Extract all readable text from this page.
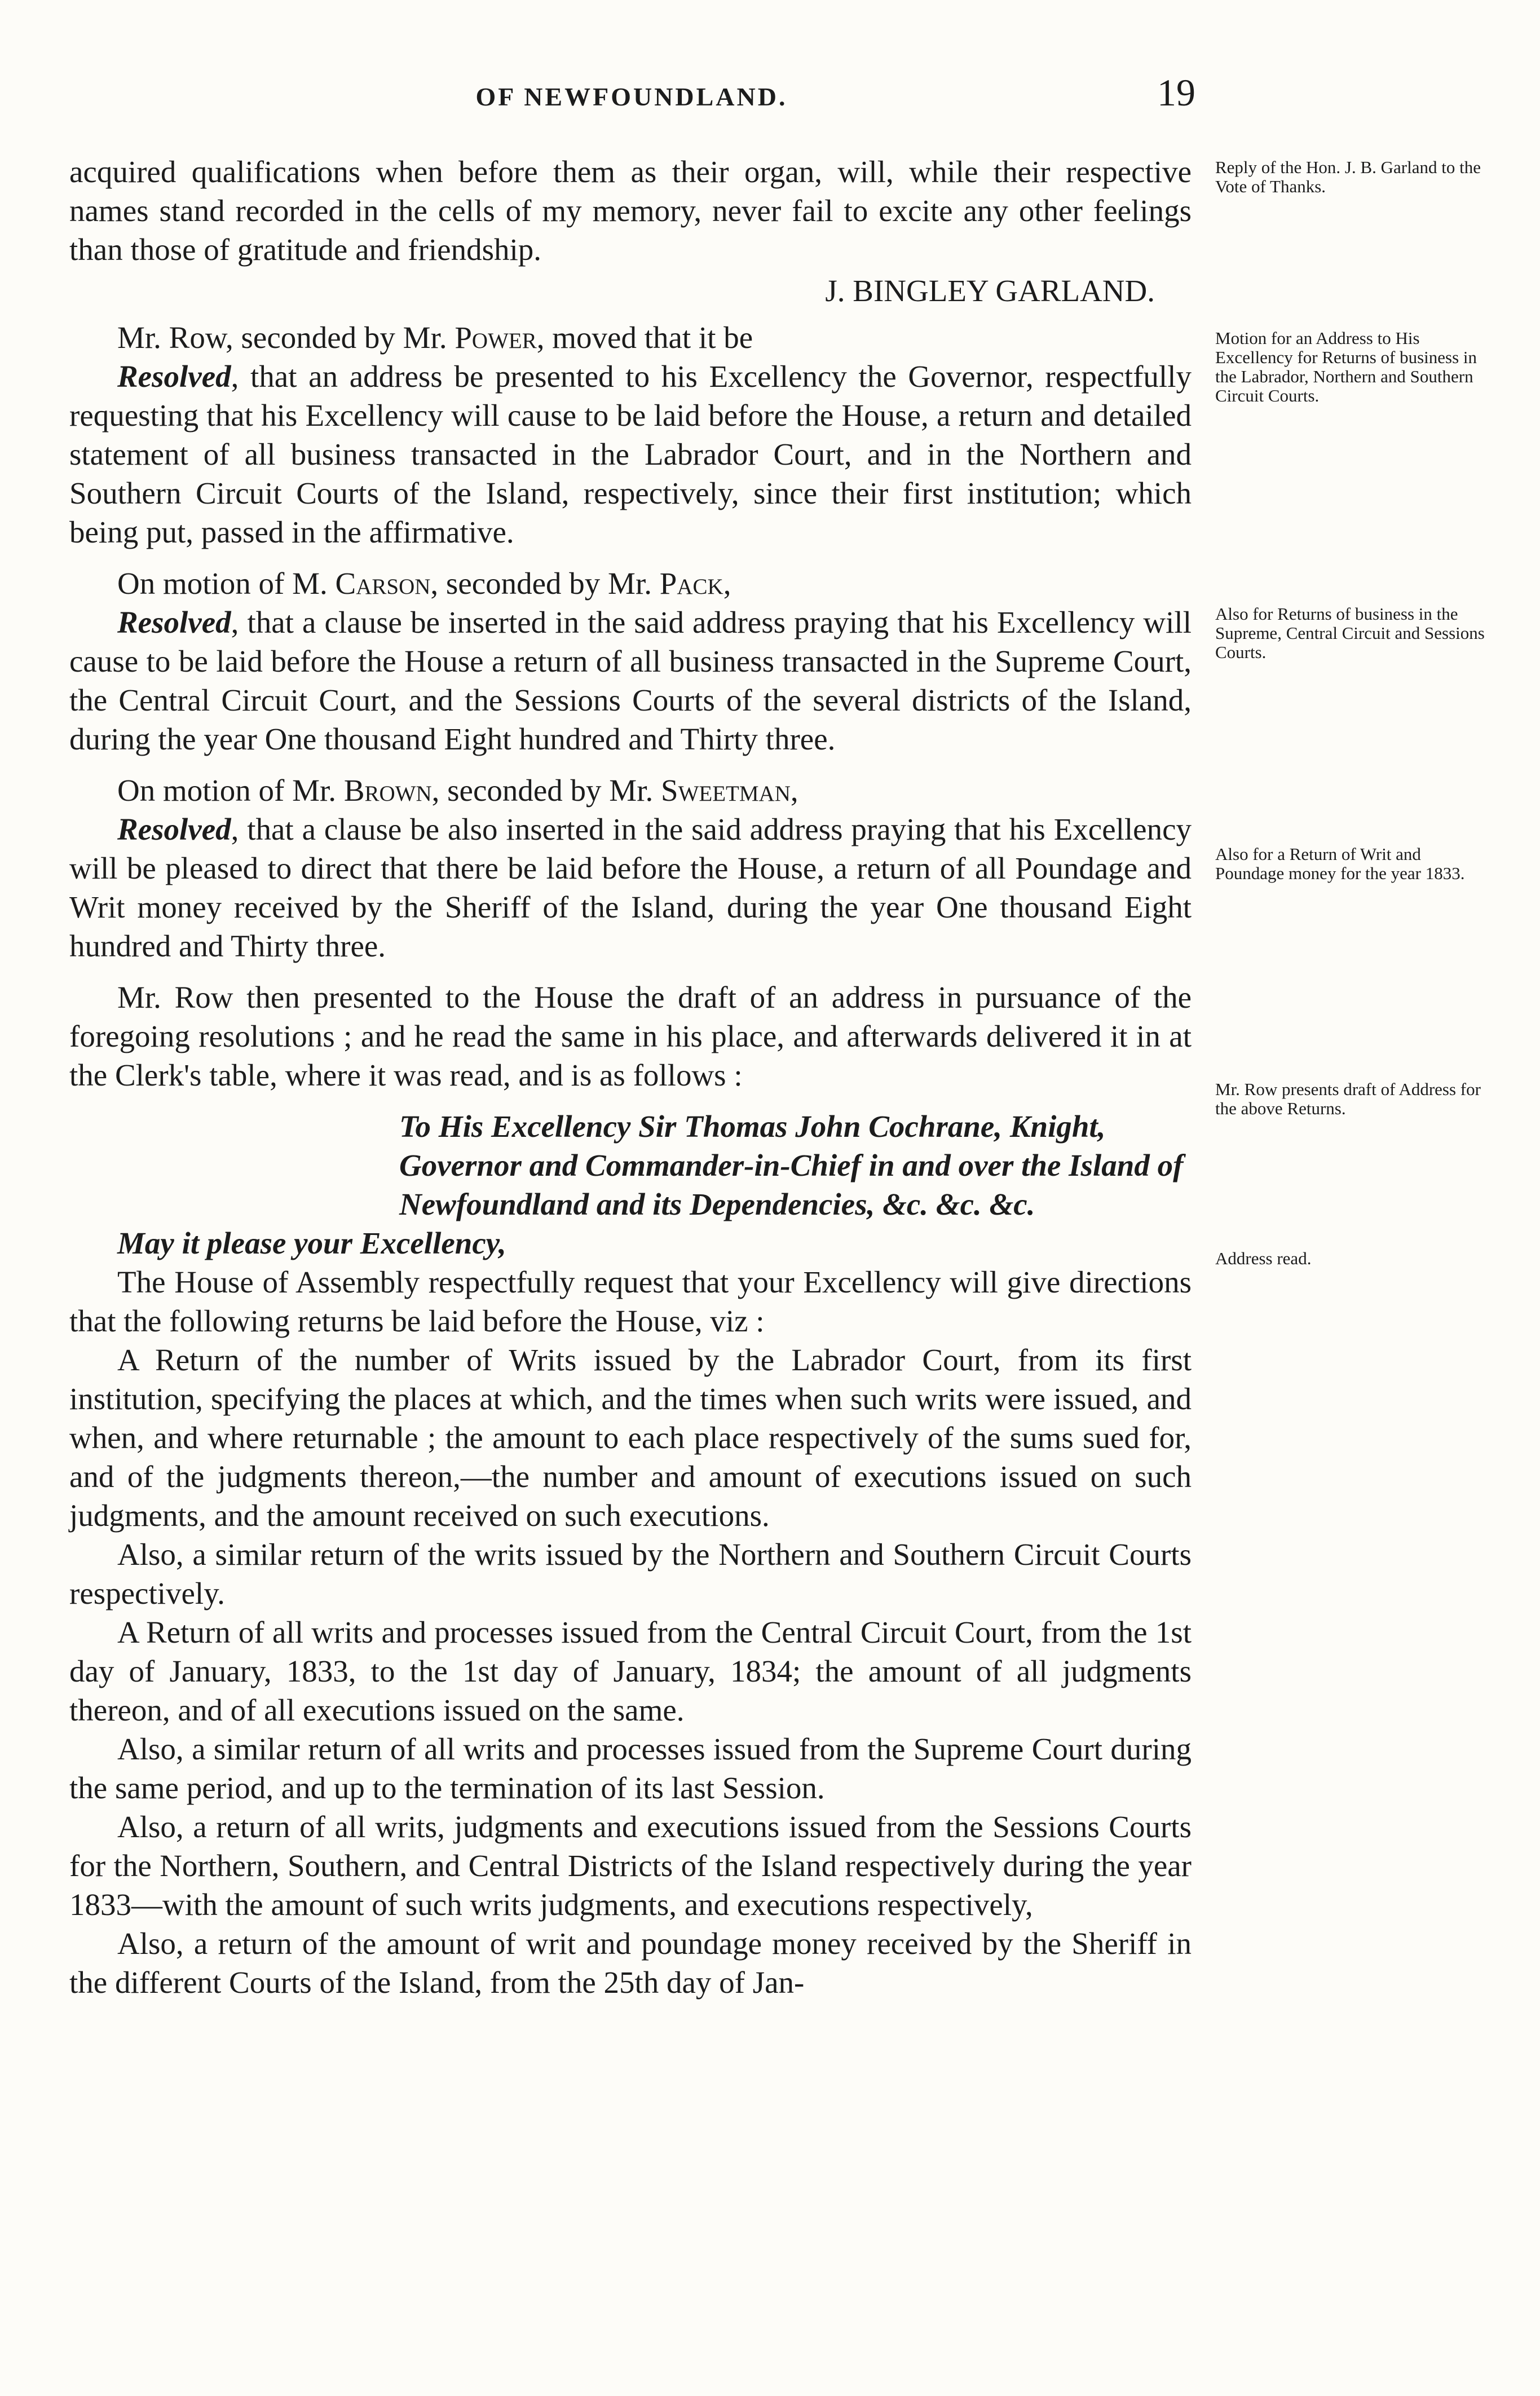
OF NEWFOUNDLAND.	19

acquired qualifications when before them as their organ, will, while their respective names stand recorded in the cells of my memory, never fail to excite any other feelings than those of gratitude and friendship.

J. BINGLEY GARLAND.

Mr. Row, seconded by Mr. Power, moved that it be

Resolved, that an address be presented to his Excellency the Governor, respectfully requesting that his Excellency will cause to be laid before the House, a return and detailed statement of all business transacted in the Labrador Court, and in the Northern and Southern Circuit Courts of the Island, respectively, since their first institution; which being put, passed in the affirmative.

On motion of M. Carson, seconded by Mr. Pack,

Resolved, that a clause be inserted in the said address praying that his Excellency will cause to be laid before the House a return of all business transacted in the Supreme Court, the Central Circuit Court, and the Sessions Courts of the several districts of the Island, during the year One thousand Eight hundred and Thirty three.

On motion of Mr. Brown, seconded by Mr. Sweetman,

Resolved, that a clause be also inserted in the said address praying that his Excellency will be pleased to direct that there be laid before the House, a return of all Poundage and Writ money received by the Sheriff of the Island, during the year One thousand Eight hundred and Thirty three.

Mr. Row then presented to the House the draft of an address in pursuance of the foregoing resolutions ; and he read the same in his place, and afterwards delivered it in at the Clerk's table, where it was read, and is as follows :

To His Excellency Sir Thomas John Cochrane, Knight, Governor and Commander-in-Chief in and over the Island of Newfoundland and its Dependencies, &c. &c. &c.

May it please your Excellency,

The House of Assembly respectfully request that your Excellency will give directions that the following returns be laid before the House, viz :

A Return of the number of Writs issued by the Labrador Court, from its first institution, specifying the places at which, and the times when such writs were issued, and when, and where returnable ; the amount to each place respectively of the sums sued for, and of the judgments thereon,—the number and amount of executions issued on such judgments, and the amount received on such executions.

Also, a similar return of the writs issued by the Northern and Southern Circuit Courts respectively.

A Return of all writs and processes issued from the Central Circuit Court, from the 1st day of January, 1833, to the 1st day of January, 1834; the amount of all judgments thereon, and of all executions issued on the same.

Also, a similar return of all writs and processes issued from the Supreme Court during the same period, and up to the termination of its last Session.

Also, a return of all writs, judgments and executions issued from the Sessions Courts for the Northern, Southern, and Central Districts of the Island respectively during the year 1833—with the amount of such writs judgments, and executions respectively,

Also, a return of the amount of writ and poundage money received by the Sheriff in the different Courts of the Island, from the 25th day of Jan-

Reply of the Hon. J. B. Garland to the Vote of Thanks.
Motion for an Address to His Excellency for Returns of business in the Labrador, Northern and Southern Circuit Courts.
Also for Returns of business in the Supreme, Central Circuit and Sessions Courts.
Also for a Return of Writ and Poundage money for the year 1833.
Mr. Row presents draft of Address for the above Returns.
Address read.
